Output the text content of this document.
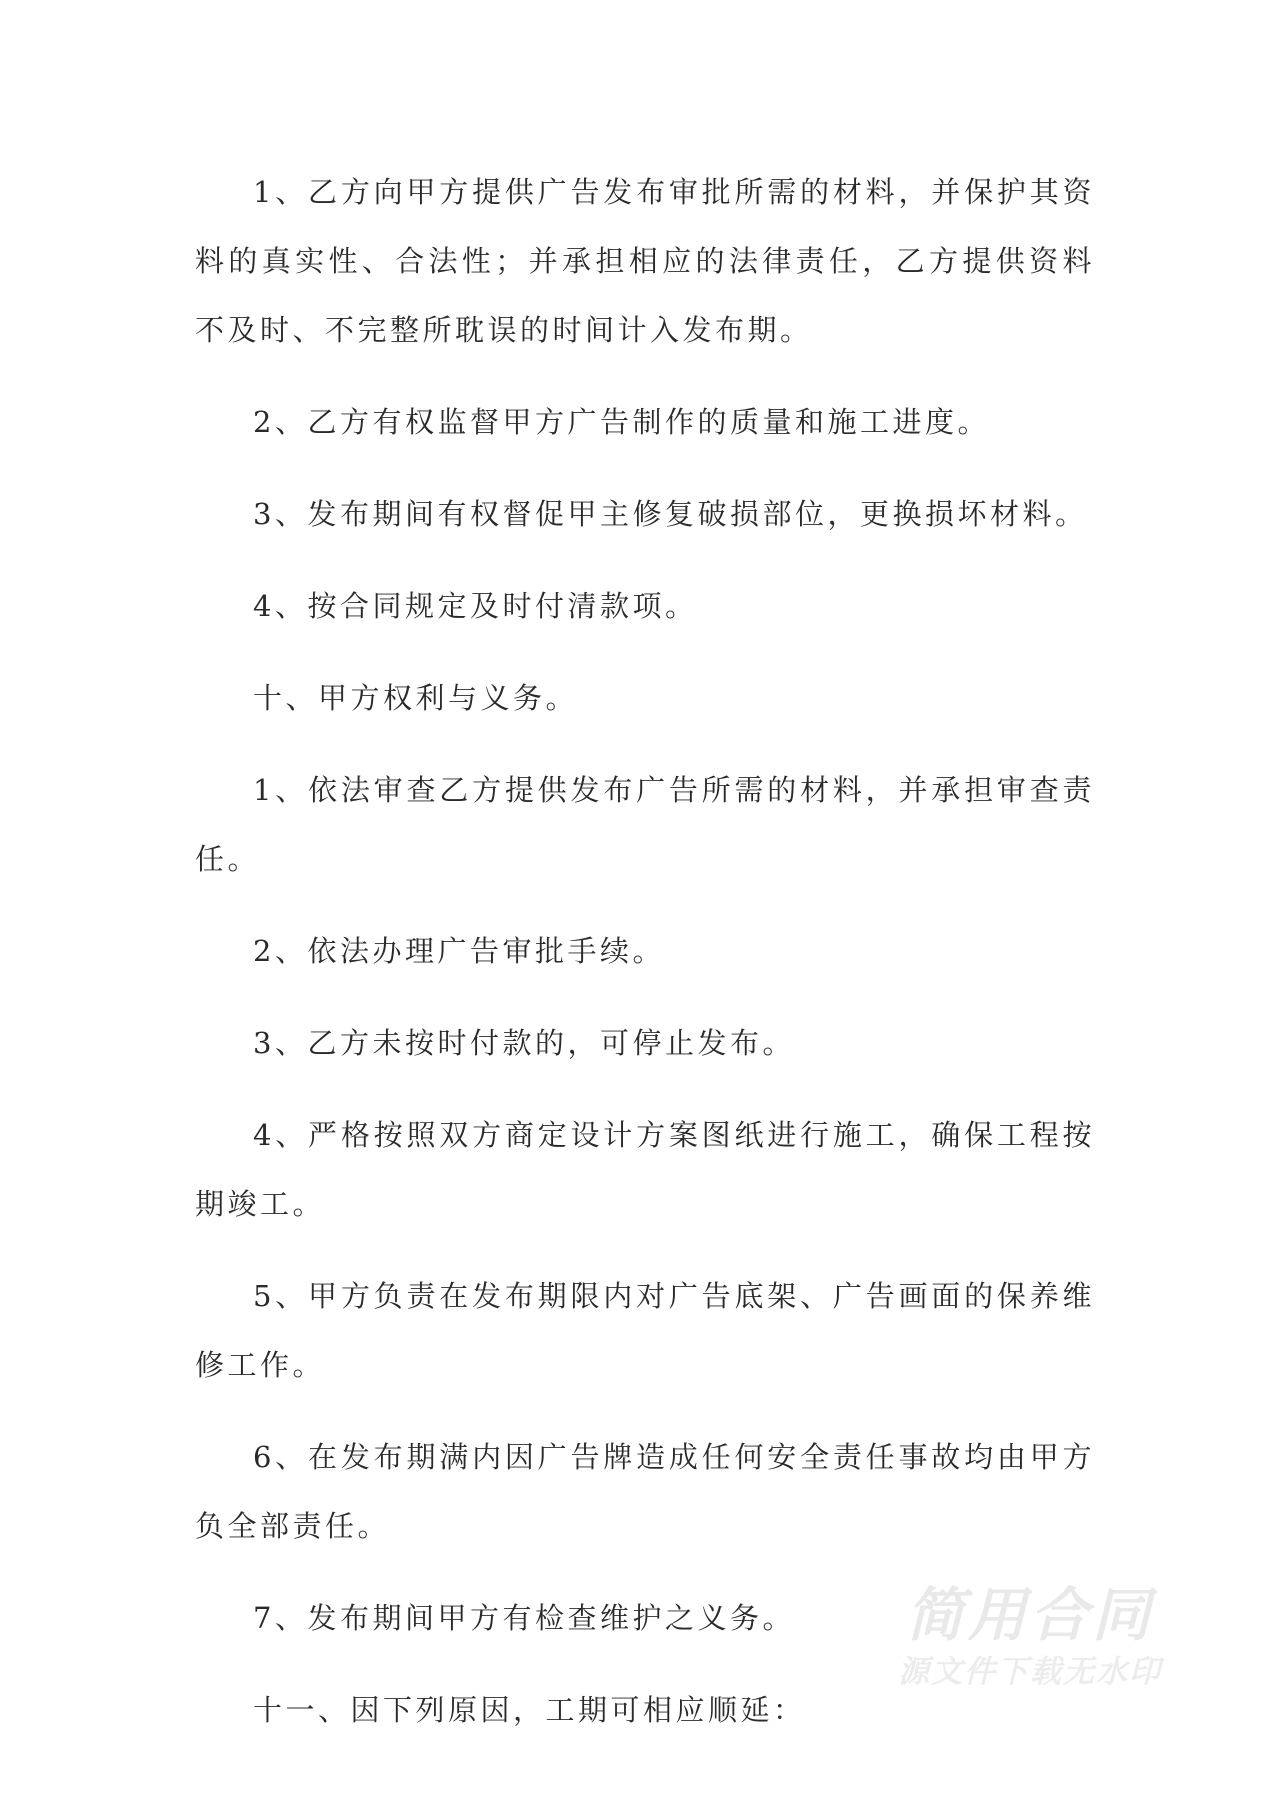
1、乙方向甲方提供广告发布审批所需的材料，并保护其资料的真实性、合法性；并承担相应的法律责任，乙方提供资料不及时、不完整所耽误的时间计入发布期。

2、乙方有权监督甲方广告制作的质量和施工进度。

3、发布期间有权督促甲主修复破损部位，更换损坏材料。

4、按合同规定及时付清款项。

十、甲方权利与义务。

1、依法审查乙方提供发布广告所需的材料，并承担审查责任。

2、依法办理广告审批手续。

3、乙方未按时付款的，可停止发布。

4、严格按照双方商定设计方案图纸进行施工，确保工程按期竣工。

5、甲方负责在发布期限内对广告底架、广告画面的保养维修工作。

6、在发布期满内因广告牌造成任何安全责任事故均由甲方负全部责任。

7、发布期间甲方有检查维护之义务。

十一、因下列原因，工期可相应顺延：

简用合同
源文件下载无水印
